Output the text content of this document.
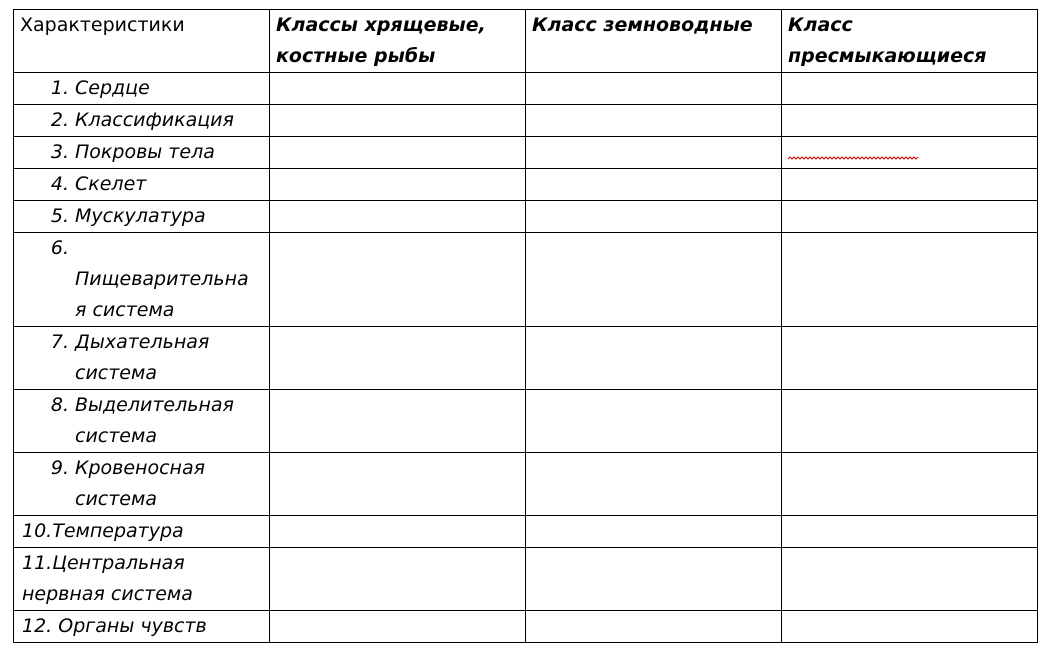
Характеристики	Классы хрящевые, костные рыбы	Класс земноводные	Класс пресмыкающиеся

1. Сердце			

2. Классификация			

3. Покровы тела

4. Скелет			

5. Мускулатура			

6.
Пищеварительна я система			

7. Дыхательная система			

8. Выделительная система			

9. Кровеносная система			

10.Температура			
11.Центральная нервная система			
12. Органы чувств			
